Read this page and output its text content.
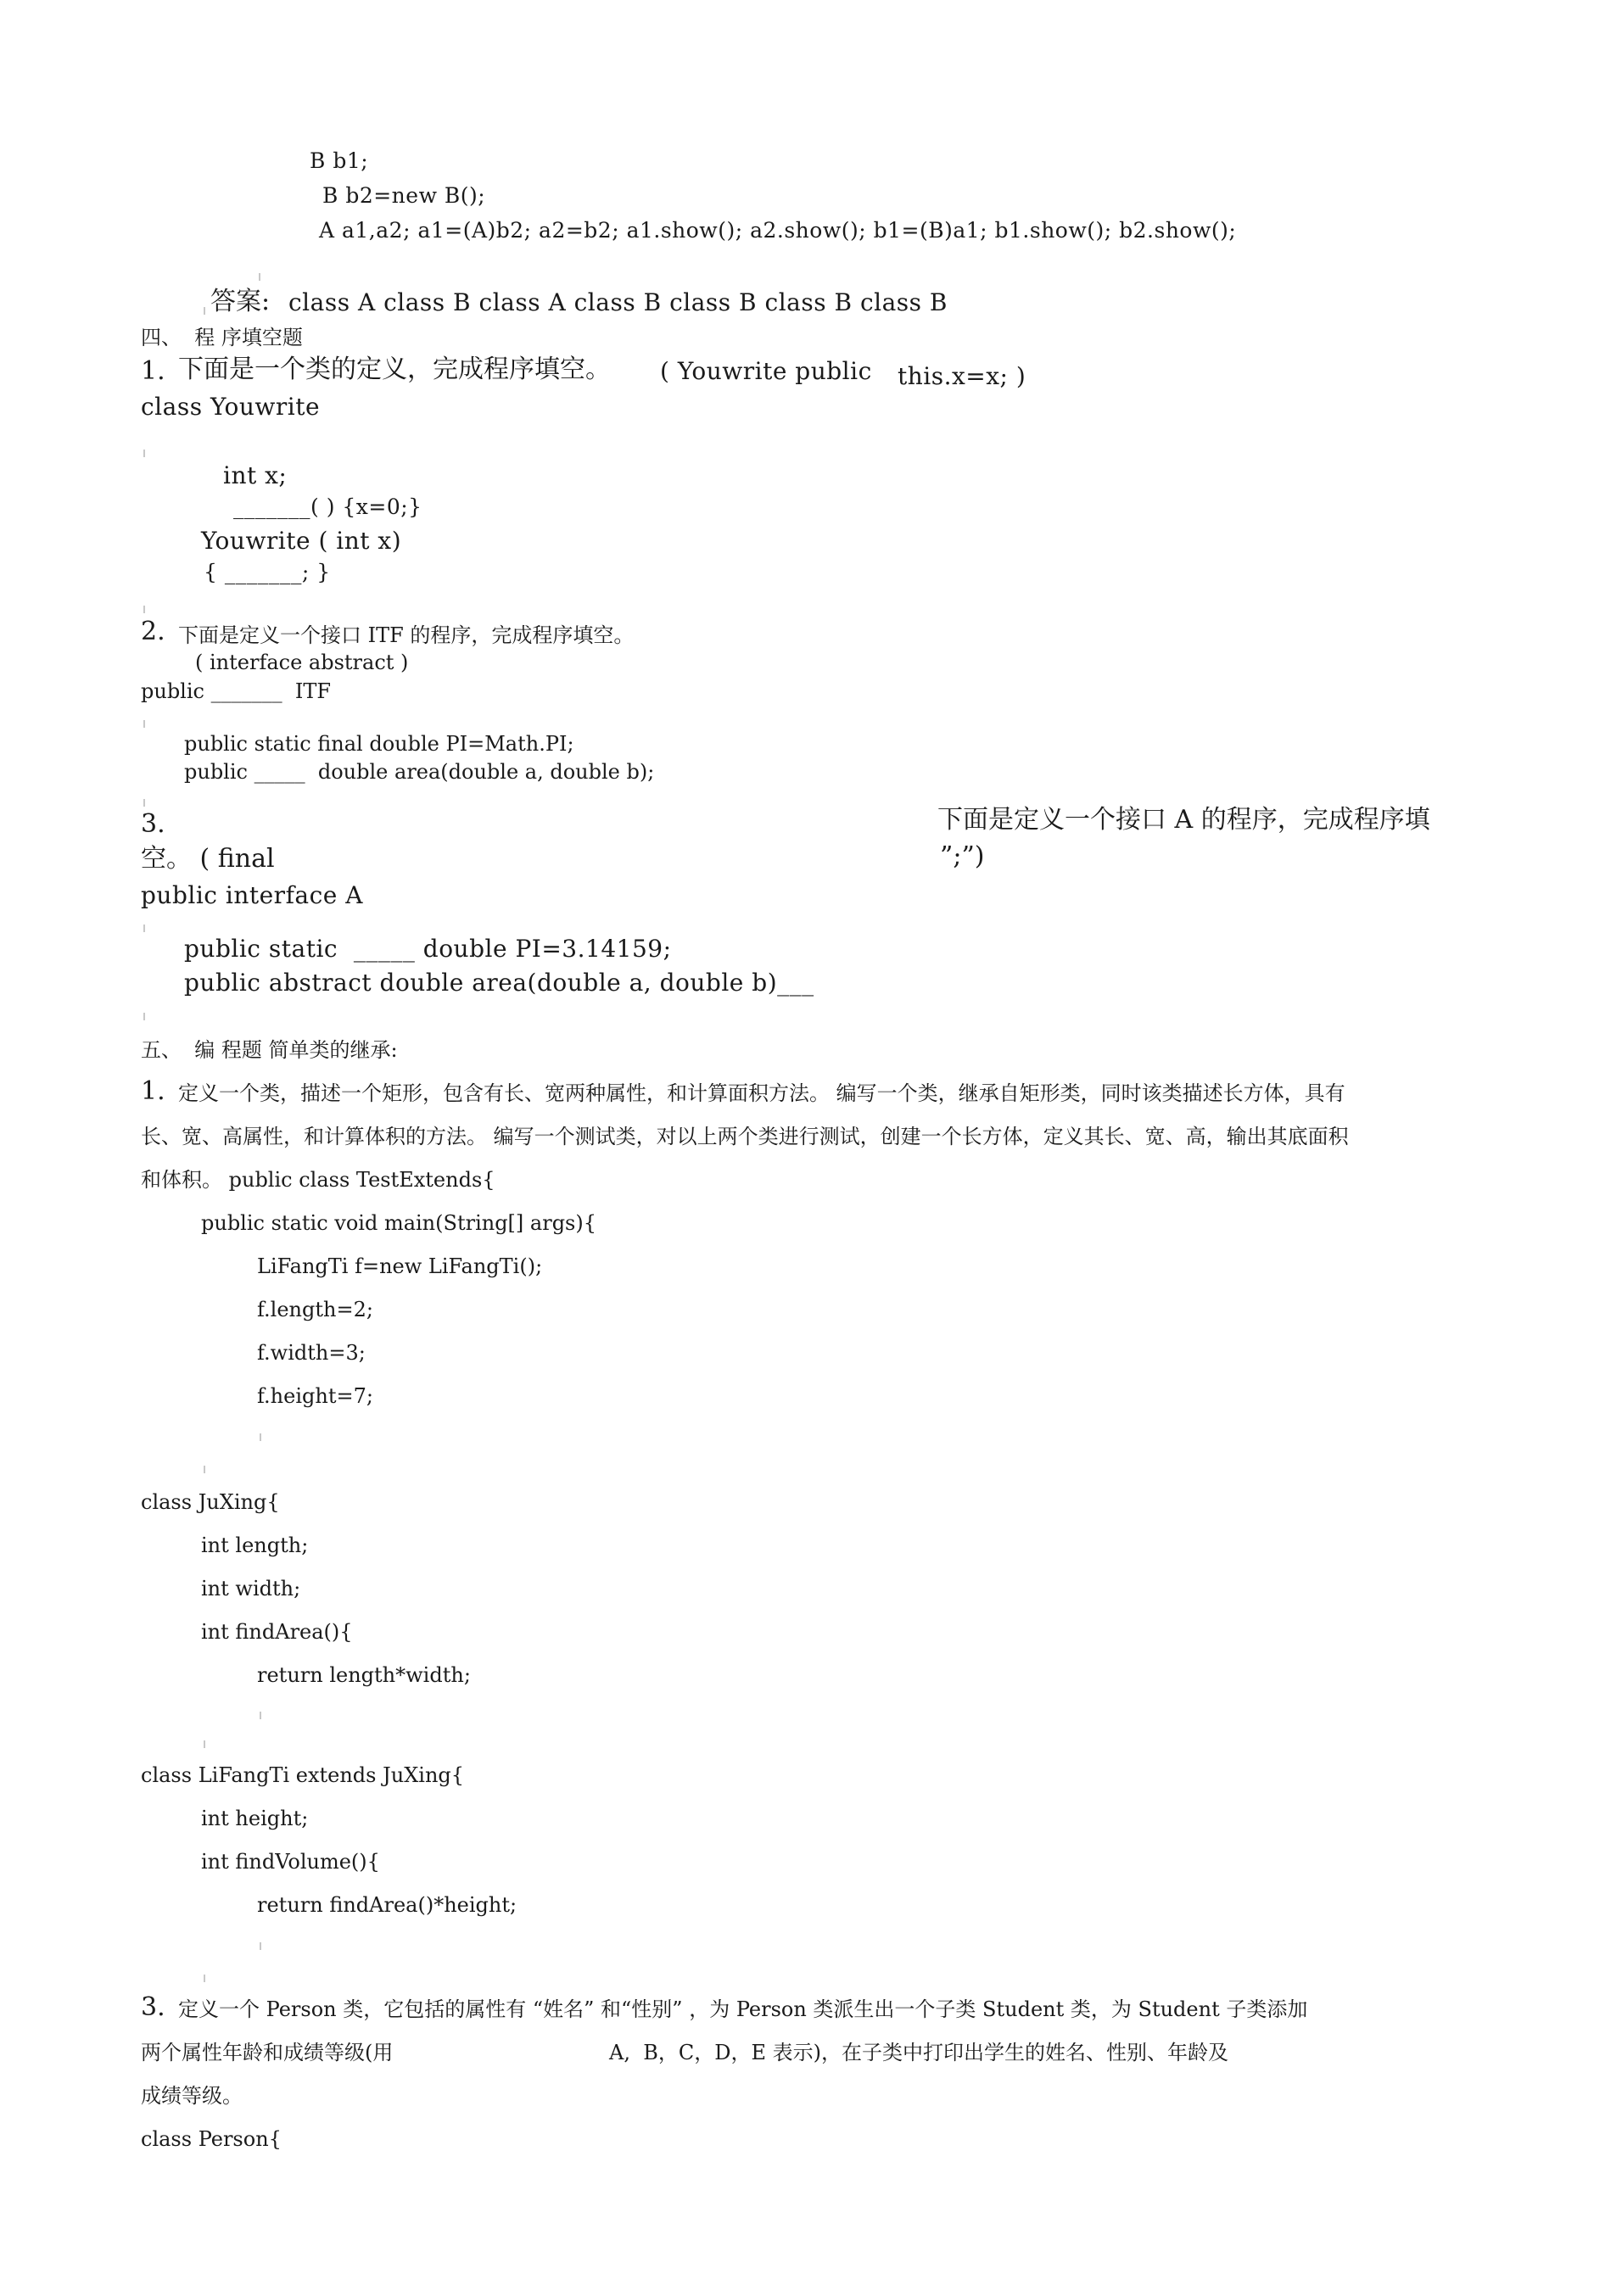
B b1;
B b2=new B();
A a1,a2; a1=(A)b2; a2=b2; a1.show(); a2.show(); b1=(B)a1; b1.show(); b2.show();
答案: class A class B class A class B class B class B class B
四、  程 序填空题
1. 下面是一个类的定义，完成程序填空。 ( Youwrite public this.x=x; )
class Youwrite
int x;
_______( ) {x=0;}
Youwrite ( int x)
{ _______; }
2. 下面是定义一个接口 ITF 的程序，完成程序填空。
( interface abstract )
public _______  ITF
public static final double PI=Math.PI;
public _____  double area(double a, double b);
3.	下面是定义一个接口 A 的程序，完成程序填
空。 ( final	”;”)
public interface A
public static  _____ double PI=3.14159;
public abstract double area(double a, double b)___
五、  编 程题 简单类的继承:
1. 定义一个类，描述一个矩形，包含有长、宽两种属性，和计算面积方法。 编写一个类，继承自矩形类，同时该类描述长方体，具有
长、宽、高属性，和计算体积的方法。 编写一个测试类，对以上两个类进行测试，创建一个长方体，定义其长、宽、高，输出其底面积
和体积。 public class TestExtends{
public static void main(String[] args){
LiFangTi f=new LiFangTi();
f.length=2;
f.width=3;
f.height=7;
class JuXing{
int length;
int width;
int findArea(){
return length*width;
class LiFangTi extends JuXing{
int height;
int findVolume(){
return findArea()*height;
3. 定义一个 Person 类，它包括的属性有 “姓名” 和“性别” ，为 Person 类派生出一个子类 Student 类，为 Student 子类添加
两个属性年龄和成绩等级(用	A,  B，C，D，E 表示)，在子类中打印出学生的姓名、性别、年龄及
成绩等级。
class Person{
